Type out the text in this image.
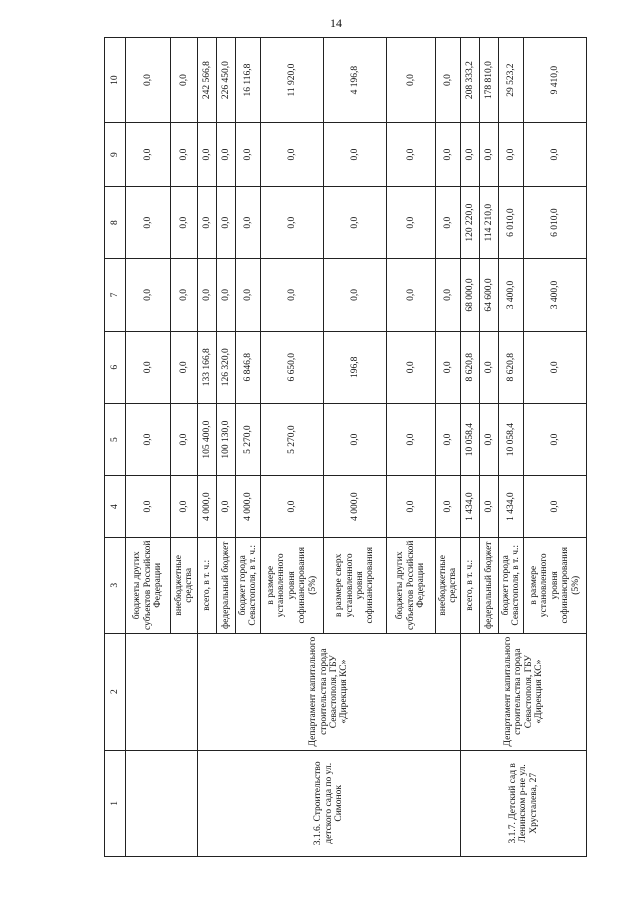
14
1	2	3	4	5	6	7	8	9	10
		бюджеты других субъектов Российской Федерации	0,0	0,0	0,0	0,0	0,0	0,0	0,0
		внебюджетные средства	0,0	0,0	0,0	0,0	0,0	0,0	0,0
3.1.6. Строительство детского сада по ул. Симонок	Департамент капитального строительства города Севастополя, ГБУ «Дирекция КС»	всего, в т. ч.:	4 000,0	105 400,0	133 166,8	0,0	0,0	0,0	242 566,8
		федеральный бюджет	0,0	100 130,0	126 320,0	0,0	0,0	0,0	226 450,0
		бюджет города Севастополя, в т. ч.:	4 000,0	5 270,0	6 846,8	0,0	0,0	0,0	16 116,8
		в размере установленного уровня софинансирования (5%)	0,0	5 270,0	6 650,0	0,0	0,0	0,0	11 920,0
		в размере сверх установленного уровня софинансирования	4 000,0	0,0	196,8	0,0	0,0	0,0	4 196,8
		бюджеты других субъектов Российской Федерации	0,0	0,0	0,0	0,0	0,0	0,0	0,0
		внебюджетные средства	0,0	0,0	0,0	0,0	0,0	0,0	0,0
3.1.7. Детский сад в Ленинском р-не ул. Хрусталева, 27	Департамент капитального строительства города Севастополя, ГБУ «Дирекция КС»	всего, в т. ч.:	1 434,0	10 058,4	8 620,8	68 000,0	120 220,0	0,0	208 333,2
		федеральный бюджет	0,0	0,0	0,0	64 600,0	114 210,0	0,0	178 810,0
		бюджет города Севастополя, в т. ч.:	1 434,0	10 058,4	8 620,8	3 400,0	6 010,0	0,0	29 523,2
		в размере установленного уровня софинансирования (5%)	0,0	0,0	0,0	3 400,0	6 010,0	0,0	9 410,0
